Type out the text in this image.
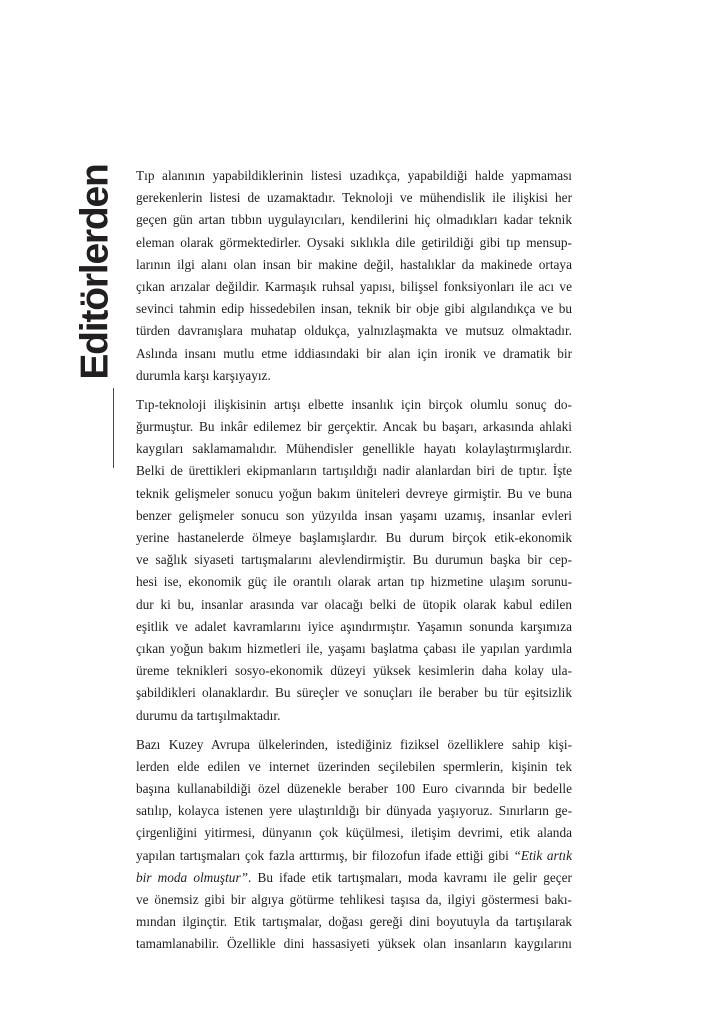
Editörlerden Tıp alanının yapabildiklerinin listesi uzadıkça, yapabildiği halde yapmaması
gerekenlerin listesi de uzamaktadır. Teknoloji ve mühendislik ile ilişkisi her
geçen gün artan tıbbın uygulayıcıları, kendilerini hiç olmadıkları kadar teknik
eleman olarak görmektedirler. Oysaki sıklıkla dile getirildiği gibi tıp mensup-
larının ilgi alanı olan insan bir makine değil, hastalıklar da makinede ortaya
çıkan arızalar değildir. Karmaşık ruhsal yapısı, bilişsel fonksiyonları ile acı ve
sevinci tahmin edip hissedebilen insan, teknik bir obje gibi algılandıkça ve bu
türden davranışlara muhatap oldukça, yalnızlaşmakta ve mutsuz olmaktadır.
Aslında insanı mutlu etme iddiasındaki bir alan için ironik ve dramatik bir
durumla karşı karşıyayız.
Tıp-teknoloji ilişkisinin artışı elbette insanlık için birçok olumlu sonuç do-
ğurmuştur. Bu inkâr edilemez bir gerçektir. Ancak bu başarı, arkasında ahlaki
kaygıları saklamamalıdır. Mühendisler genellikle hayatı kolaylaştırmışlardır.
Belki de ürettikleri ekipmanların tartışıldığı nadir alanlardan biri de tıptır. İşte
teknik gelişmeler sonucu yoğun bakım üniteleri devreye girmiştir. Bu ve buna
benzer gelişmeler sonucu son yüzyılda insan yaşamı uzamış, insanlar evleri
yerine hastanelerde ölmeye başlamışlardır. Bu durum birçok etik-ekonomik
ve sağlık siyaseti tartışmalarını alevlendirmiştir. Bu durumun başka bir cep-
hesi ise, ekonomik güç ile orantılı olarak artan tıp hizmetine ulaşım sorunu-
dur ki bu, insanlar arasında var olacağı belki de ütopik olarak kabul edilen
eşitlik ve adalet kavramlarını iyice aşındırmıştır. Yaşamın sonunda karşımıza
çıkan yoğun bakım hizmetleri ile, yaşamı başlatma çabası ile yapılan yardımla
üreme teknikleri sosyo-ekonomik düzeyi yüksek kesimlerin daha kolay ula-
şabildikleri olanaklardır. Bu süreçler ve sonuçları ile beraber bu tür eşitsizlik
durumu da tartışılmaktadır.
Bazı Kuzey Avrupa ülkelerinden, istediğiniz fiziksel özelliklere sahip kişi-
lerden elde edilen ve internet üzerinden seçilebilen spermlerin, kişinin tek
başına kullanabildiği özel düzenekle beraber 100 Euro civarında bir bedelle
satılıp, kolayca istenen yere ulaştırıldığı bir dünyada yaşıyoruz. Sınırların ge-
çirgenliğini yitirmesi, dünyanın çok küçülmesi, iletişim devrimi, etik alanda
yapılan tartışmaları çok fazla arttırmış, bir filozofun ifade ettiği gibi “Etik artık
bir moda olmuştur”. Bu ifade etik tartışmaları, moda kavramı ile gelir geçer
ve önemsiz gibi bir algıya götürme tehlikesi taşısa da, ilgiyi göstermesi bakı-
mından ilginçtir. Etik tartışmalar, doğası gereği dini boyutuyla da tartışılarak
tamamlanabilir. Özellikle dini hassasiyeti yüksek olan insanların kaygılarını
